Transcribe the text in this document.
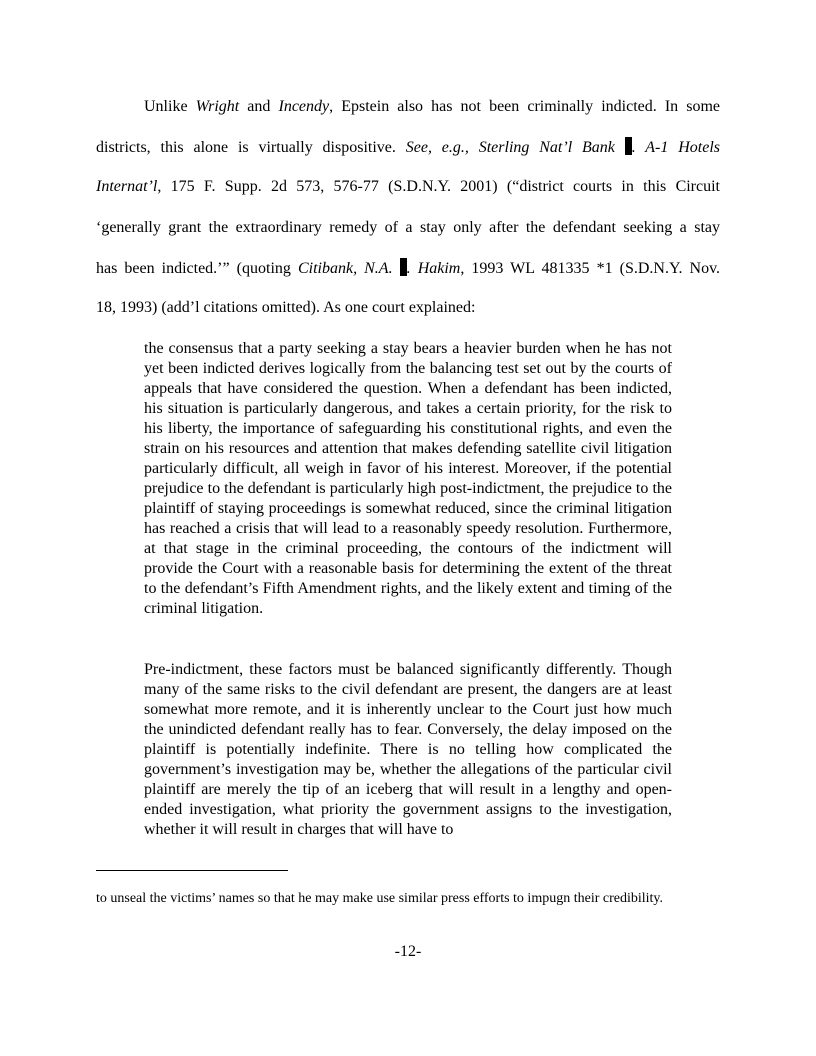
Unlike Wright and Incendy, Epstein also has not been criminally indicted. In some
districts, this alone is virtually dispositive. See, e.g., Sterling Nat’l Bank . A-1 Hotels
Internat’l, 175 F. Supp. 2d 573, 576-77 (S.D.N.Y. 2001) (“district courts in this Circuit
‘generally grant the extraordinary remedy of a stay only after the defendant seeking a stay
has been indicted.’” (quoting Citibank, N.A. . Hakim, 1993 WL 481335 *1 (S.D.N.Y. Nov.
18, 1993) (add’l citations omitted). As one court explained:
the consensus that a party seeking a stay bears a heavier burden when he has not yet been indicted derives logically from the balancing test set out by the courts of appeals that have considered the question. When a defendant has been indicted, his situation is particularly dangerous, and takes a certain priority, for the risk to his liberty, the importance of safeguarding his constitutional rights, and even the strain on his resources and attention that makes defending satellite civil litigation particularly difficult, all weigh in favor of his interest. Moreover, if the potential prejudice to the defendant is particularly high post-indictment, the prejudice to the plaintiff of staying proceedings is somewhat reduced, since the criminal litigation has reached a crisis that will lead to a reasonably speedy resolution. Furthermore, at that stage in the criminal proceeding, the contours of the indictment will provide the Court with a reasonable basis for determining the extent of the threat to the defendant’s Fifth Amendment rights, and the likely extent and timing of the criminal litigation.
Pre-indictment, these factors must be balanced significantly differently. Though many of the same risks to the civil defendant are present, the dangers are at least somewhat more remote, and it is inherently unclear to the Court just how much the unindicted defendant really has to fear. Conversely, the delay imposed on the plaintiff is potentially indefinite. There is no telling how complicated the government’s investigation may be, whether the allegations of the particular civil plaintiff are merely the tip of an iceberg that will result in a lengthy and open-ended investigation, what priority the government assigns to the investigation, whether it will result in charges that will have to
to unseal the victims’ names so that he may make use similar press efforts to impugn their credibility.
-12-
